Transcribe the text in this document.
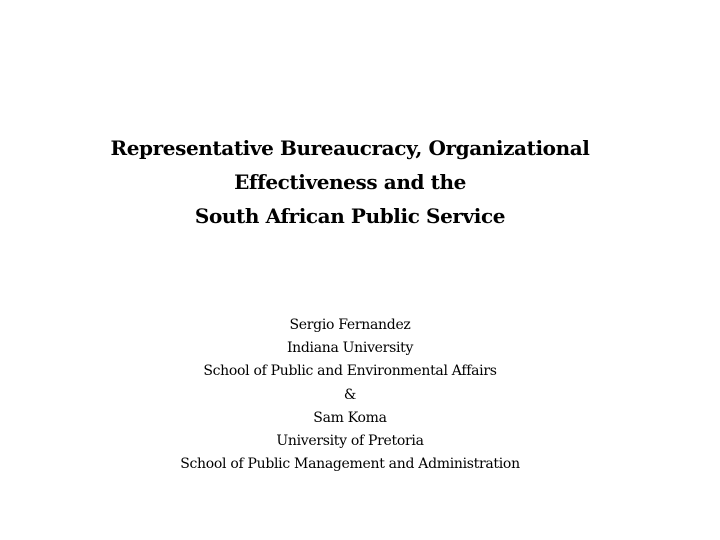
Representative Bureaucracy, Organizational
Effectiveness and the
South African Public Service
Sergio Fernandez
Indiana University
School of Public and Environmental Affairs
&
Sam Koma
University of Pretoria
School of Public Management and Administration
